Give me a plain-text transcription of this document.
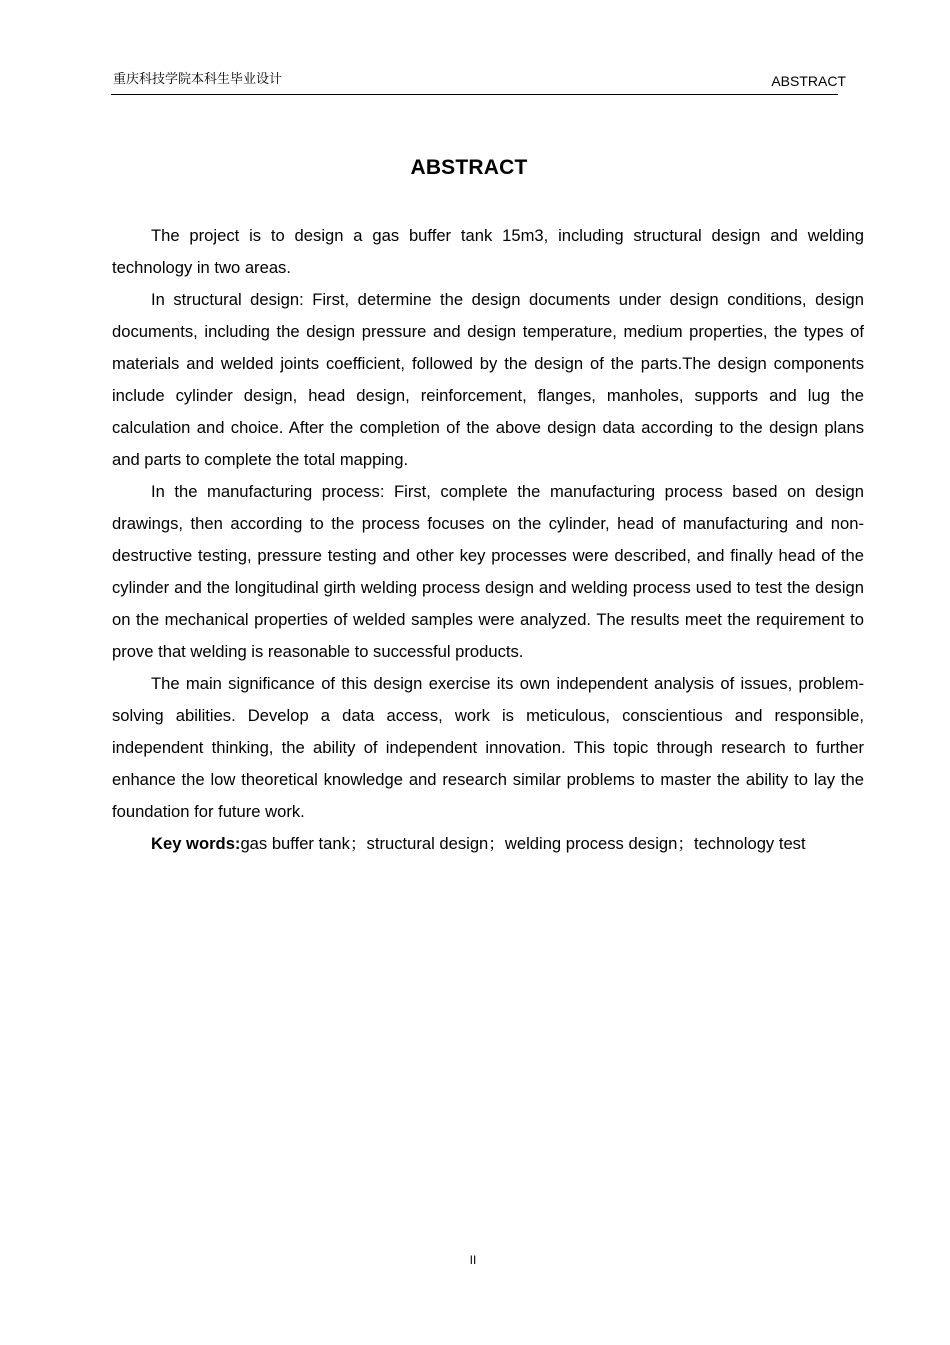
重庆科技学院本科生毕业设计	ABSTRACT
ABSTRACT

The project is to design a gas buffer tank 15m3, including structural design and welding technology in two areas.

In structural design: First, determine the design documents under design conditions, design documents, including the design pressure and design temperature, medium properties, the types of materials and welded joints coefficient, followed by the design of the parts.The design components include cylinder design, head design, reinforcement, flanges, manholes, supports and lug the calculation and choice. After the completion of the above design data according to the design plans and parts to complete the total mapping.

In the manufacturing process: First, complete the manufacturing process based on design drawings, then according to the process focuses on the cylinder, head of manufacturing and non-destructive testing, pressure testing and other key processes were described, and finally head of the cylinder and the longitudinal girth welding process design and welding process used to test the design on the mechanical properties of welded samples were analyzed. The results meet the requirement to prove that welding is reasonable to successful products.

The main significance of this design exercise its own independent analysis of issues, problem-solving abilities. Develop a data access, work is meticulous, conscientious and responsible, independent thinking, the ability of independent innovation. This topic through research to further enhance the low theoretical knowledge and research similar problems to master the ability to lay the foundation for future work.

Key words:gas buffer tank；structural design；welding process design；technology test

II
